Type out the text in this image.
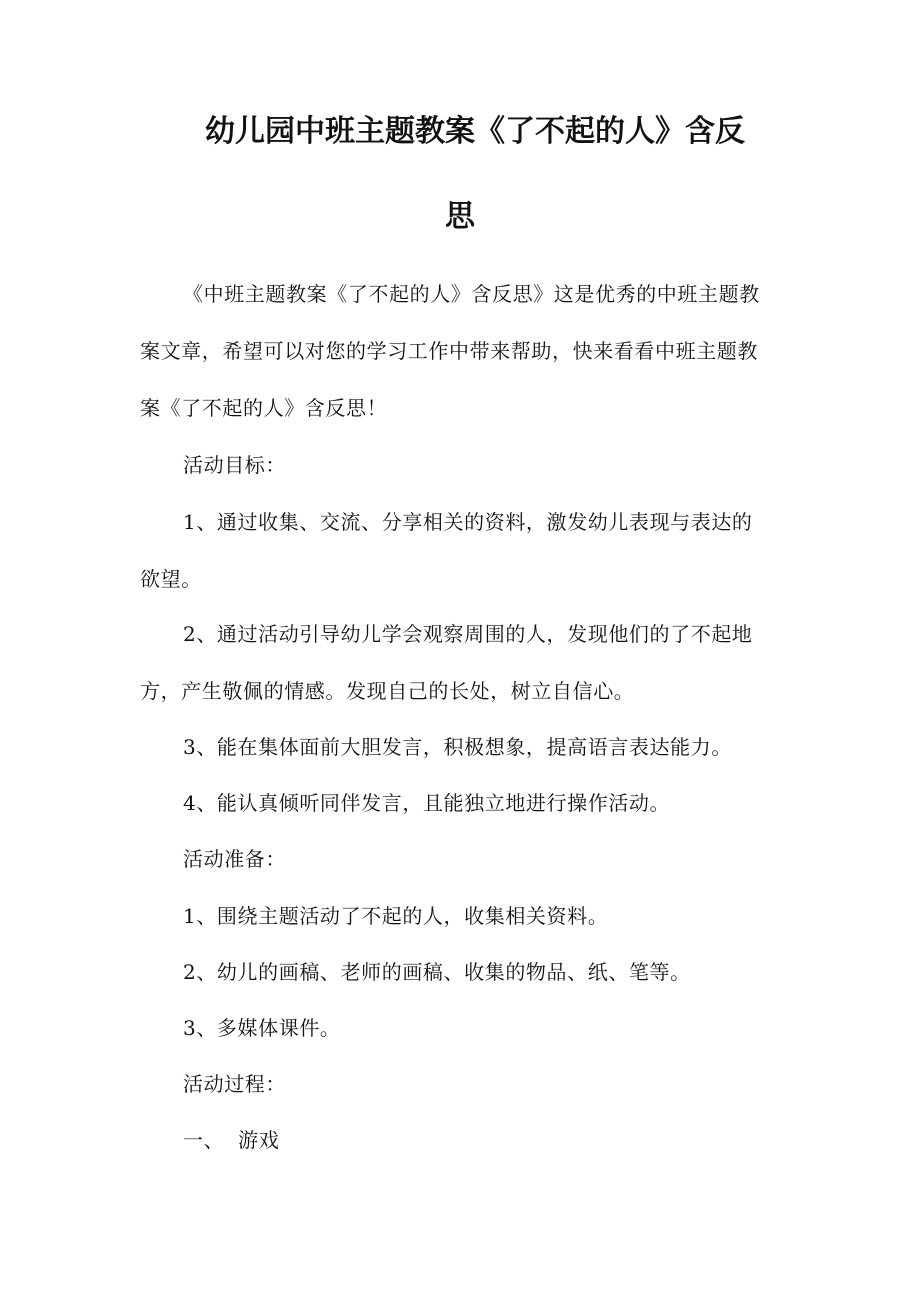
幼儿园中班主题教案《了不起的人》含反
思
《中班主题教案《了不起的人》含反思》这是优秀的中班主题教
案文章，希望可以对您的学习工作中带来帮助，快来看看中班主题教
案《了不起的人》含反思！
活动目标：
1、通过收集、交流、分享相关的资料，激发幼儿表现与表达的
欲望。
2、通过活动引导幼儿学会观察周围的人，发现他们的了不起地
方，产生敬佩的情感。发现自己的长处，树立自信心。
3、能在集体面前大胆发言，积极想象，提高语言表达能力。
4、能认真倾听同伴发言，且能独立地进行操作活动。
活动准备：
1、围绕主题活动了不起的人，收集相关资料。
2、幼儿的画稿、老师的画稿、收集的物品、纸、笔等。
3、多媒体课件。
活动过程：
一、  游戏
